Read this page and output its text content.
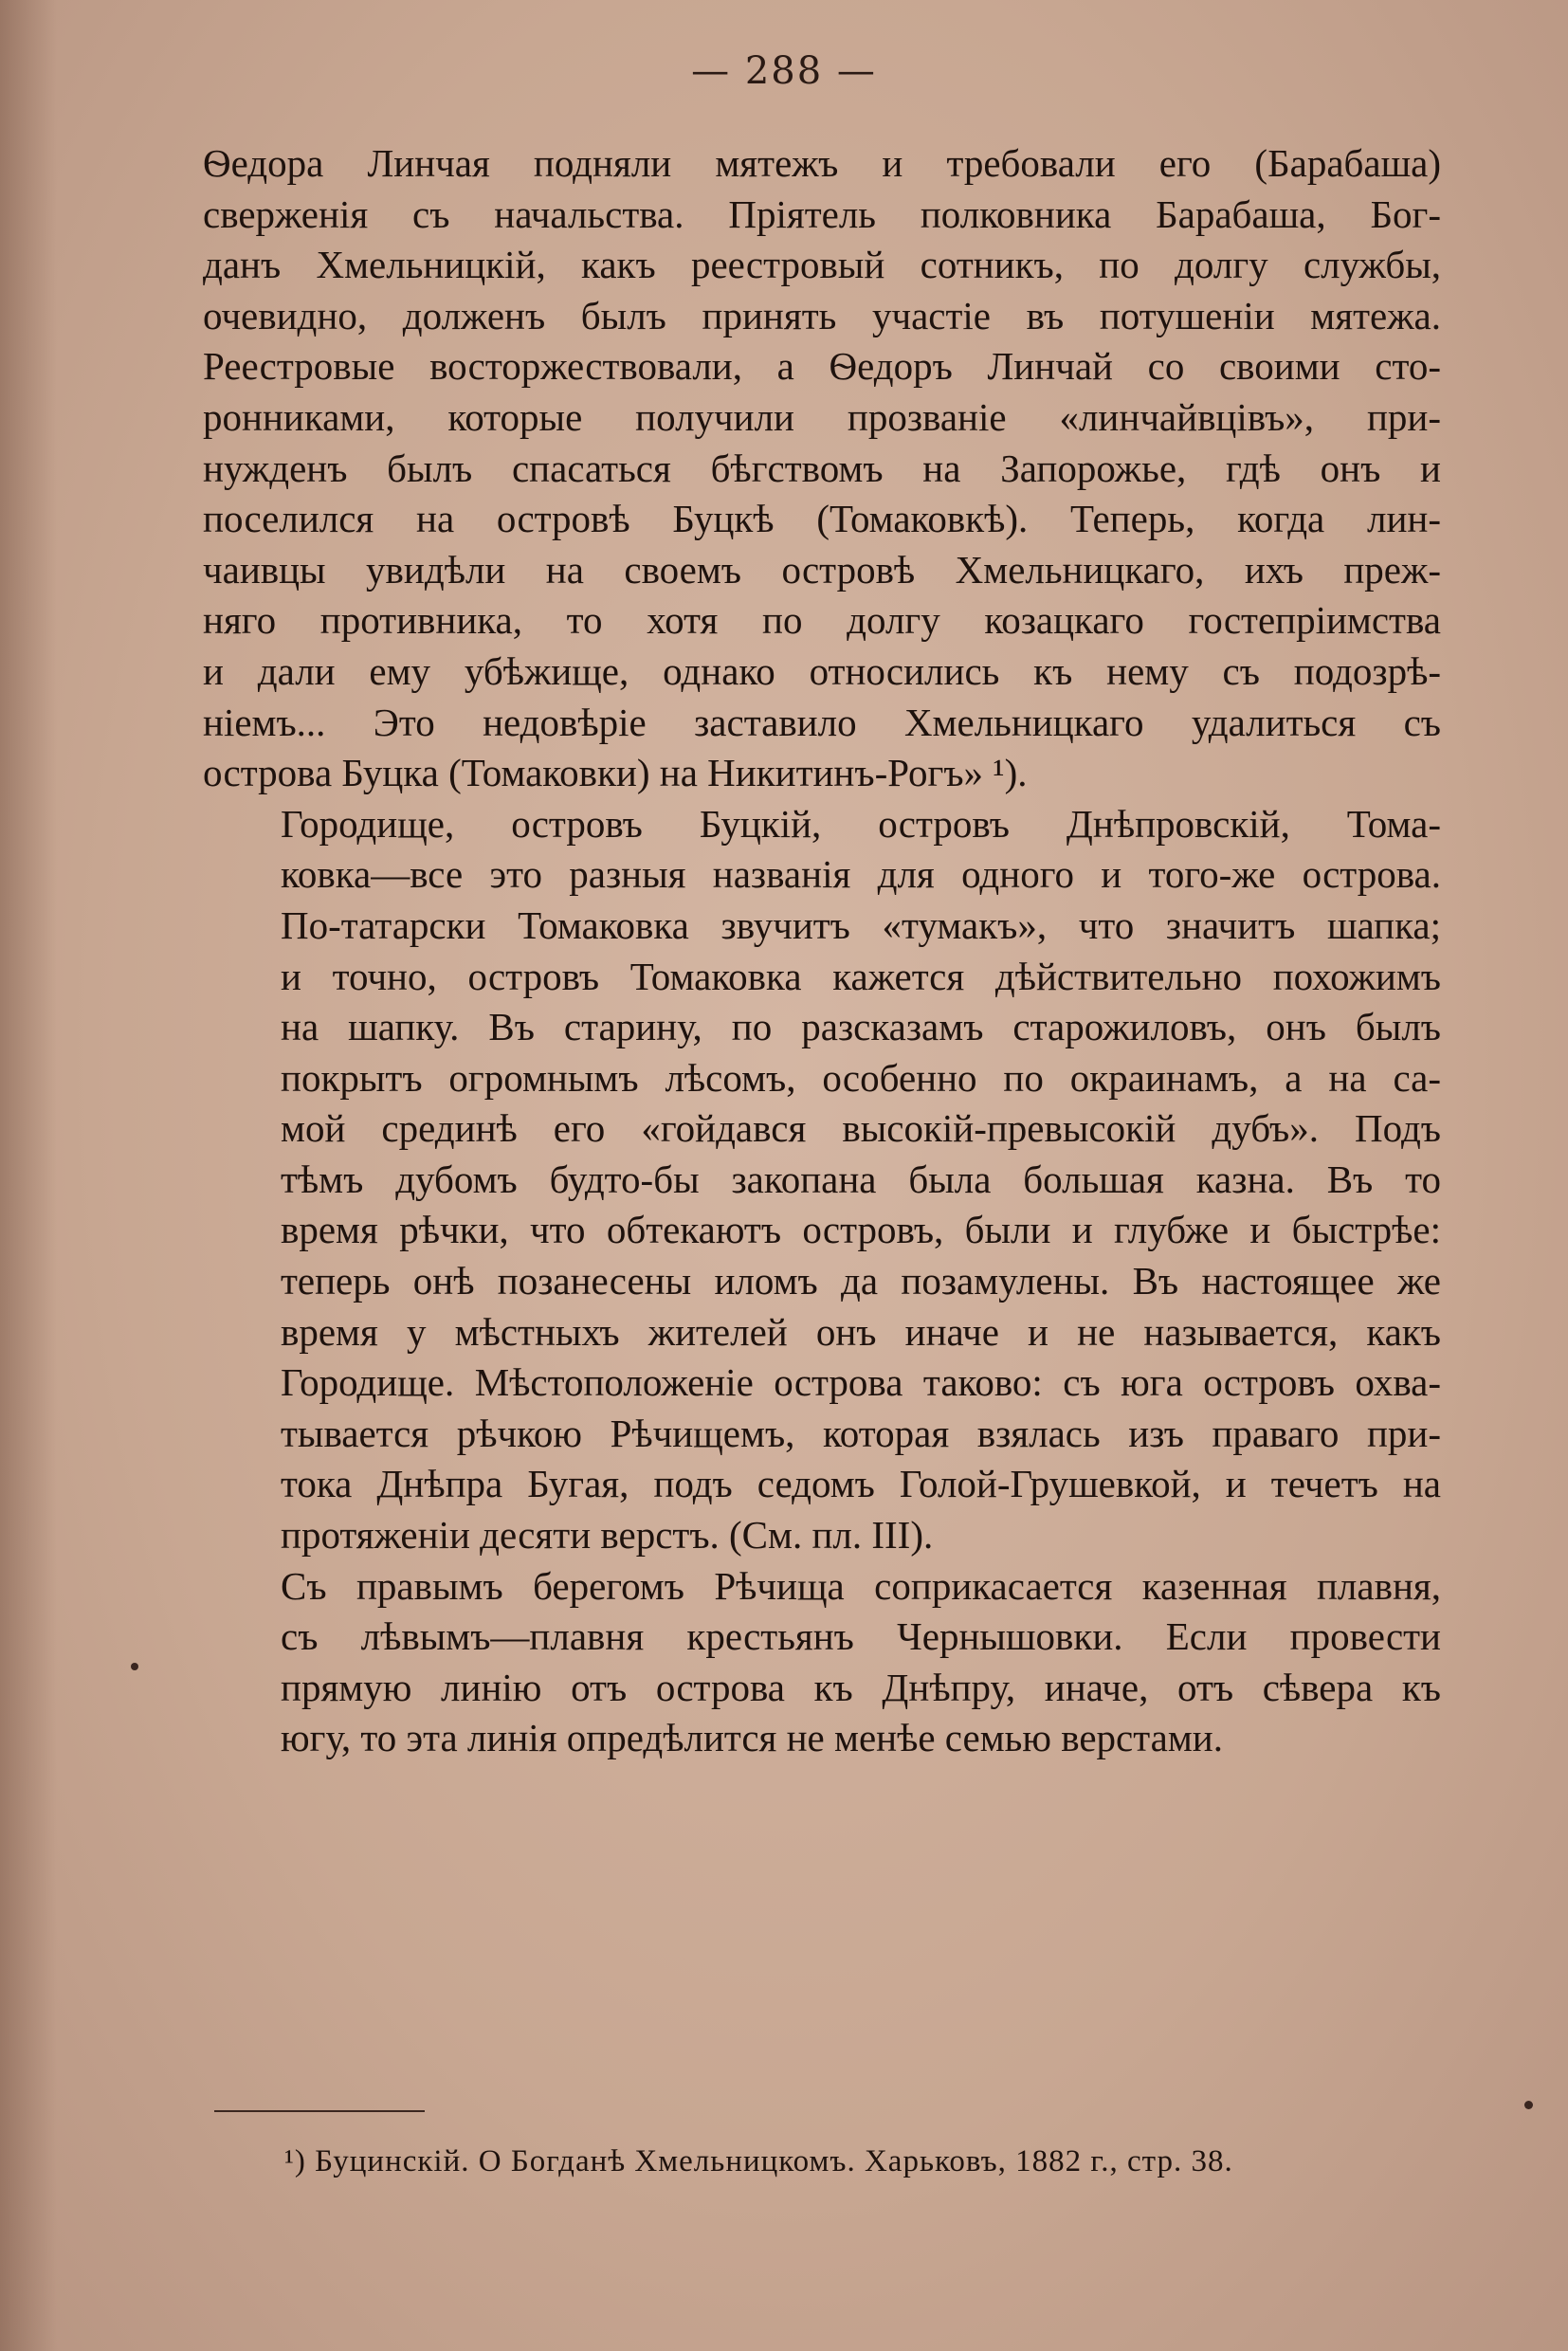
— 288 —

Ѳедора Линчая подняли мятежъ и требовали его (Барабаша)
сверженія съ начальства. Пріятель полковника Барабаша, Бог-
данъ Хмельницкій, какъ реестровый сотникъ, по долгу службы,
очевидно, долженъ былъ принять участіе въ потушеніи мятежа.
Реестровые восторжествовали, а Ѳедоръ Линчай со своими сто-
ронниками, которые получили прозваніе «линчайвцівъ», при-
нужденъ былъ спасаться бѣгствомъ на Запорожье, гдѣ онъ и
поселился на островѣ Буцкѣ (Томаковкѣ). Теперь, когда лин-
чаивцы увидѣли на своемъ островѣ Хмельницкаго, ихъ преж-
няго противника, то хотя по долгу козацкаго гостепріимства
и дали ему убѣжище, однако относились къ нему съ подозрѣ-
ніемъ... Это недовѣріе заставило Хмельницкаго удалиться съ
острова Буцка (Томаковки) на Никитинъ-Рогъ» ¹).

Городище, островъ Буцкій, островъ Днѣпровскій, Тома-
ковка—все это разныя названія для одного и того-же острова.
По-татарски Томаковка звучитъ «тумакъ», что значитъ шапка;
и точно, островъ Томаковка кажется дѣйствительно похожимъ
на шапку. Въ старину, по разсказамъ старожиловъ, онъ былъ
покрытъ огромнымъ лѣсомъ, особенно по окраинамъ, а на са-
мой срединѣ его «гойдався высокій-превысокій дубъ». Подъ
тѣмъ дубомъ будто-бы закопана была большая казна. Въ то
время рѣчки, что обтекаютъ островъ, были и глубже и быстрѣе:
теперь онѣ позанесены иломъ да позамулены. Въ настоящее же
время у мѣстныхъ жителей онъ иначе и не называется, какъ
Городище. Мѣстоположеніе острова таково: съ юга островъ охва-
тывается рѣчкою Рѣчищемъ, которая взялась изъ праваго при-
тока Днѣпра Бугая, подъ седомъ Голой-Грушевкой, и течетъ на
протяженіи десяти верстъ. (См. пл. III).

Съ правымъ берегомъ Рѣчища соприкасается казенная плавня,
съ лѣвымъ—плавня крестьянъ Чернышовки. Если провести
прямую линію отъ острова къ Днѣпру, иначе, отъ сѣвера къ
югу, то эта линія опредѣлится не менѣе семью верстами.

¹) Буцинскій. О Богданѣ Хмельницкомъ. Харьковъ, 1882 г., стр. 38.
